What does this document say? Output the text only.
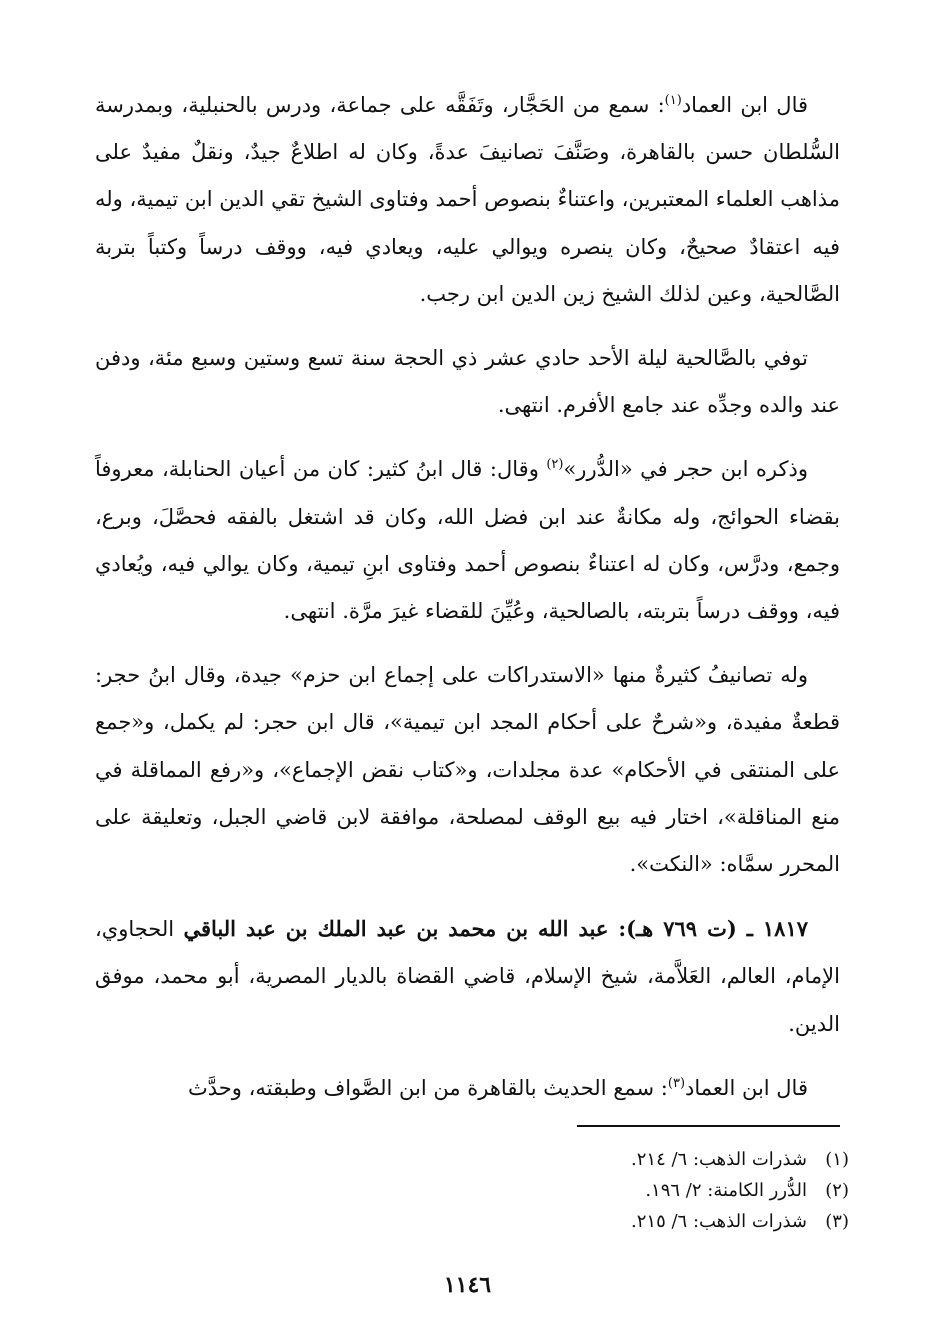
قال ابن العماد$^{(١)}$: سمع من الحَجَّار، وتَفَقَّه على جماعة، ودرس بالحنبلية، وبمدرسة السُّلطان حسن بالقاهرة، وصَنَّفَ تصانيفَ عدةً، وكان له اطلاعٌ جيدٌ، ونقلٌ مفيدٌ على مذاهب العلماء المعتبرين، واعتناءٌ بنصوص أحمد وفتاوى الشيخ تقي الدين ابن تيمية، وله فيه اعتقادٌ صحيحٌ، وكان ينصره ويوالي عليه، ويعادي فيه، ووقف درساً وكتباً بتربة الصَّالحية، وعين لذلك الشيخ زين الدين ابن رجب.

توفي بالصَّالحية ليلة الأحد حادي عشر ذي الحجة سنة تسع وستين وسبع مئة، ودفن عند والده وجدِّه عند جامع الأفرم. انتهى.

وذكره ابن حجر في «الدُّرر»$^{(٢)}$ وقال: قال ابنُ كثير: كان من أعيان الحنابلة، معروفاً بقضاء الحوائج، وله مكانةٌ عند ابن فضل الله، وكان قد اشتغل بالفقه فحصَّلَ، وبرع، وجمع، ودرَّس، وكان له اعتناءٌ بنصوص أحمد وفتاوى ابنِ تيمية، وكان يوالي فيه، ويُعادي فيه، ووقف درساً بتربته، بالصالحية، وعُيِّنَ للقضاء غيرَ مرَّة. انتهى.

وله تصانيفُ كثيرةٌ منها «الاستدراكات على إجماع ابن حزم» جيدة، وقال ابنُ حجر: قطعةٌ مفيدة، و«شرحٌ على أحكام المجد ابن تيمية»، قال ابن حجر: لم يكمل، و«جمع على المنتقى في الأحكام» عدة مجلدات، و«كتاب نقض الإجماع»، و«رفع المماقلة في منع المناقلة»، اختار فيه بيع الوقف لمصلحة، موافقة لابن قاضي الجبل، وتعليقة على المحرر سمَّاه: «النكت».

١٨١٧ ـ (ت ٧٦٩ هـ): عبد الله بن محمد بن عبد الملك بن عبد الباقي الحجاوي، الإمام، العالم، العَلاَّمة، شيخ الإسلام، قاضي القضاة بالديار المصرية، أبو محمد، موفق الدين.

قال ابن العماد$^{(٣)}$: سمع الحديث بالقاهرة من ابن الصَّواف وطبقته، وحدَّث

(١)
شذرات الذهب: ٦/ ٢١٤.

(٢)
الدُّرر الكامنة: ٢/ ١٩٦.

(٣)
شذرات الذهب: ٦/ ٢١٥.

١١٤٦
